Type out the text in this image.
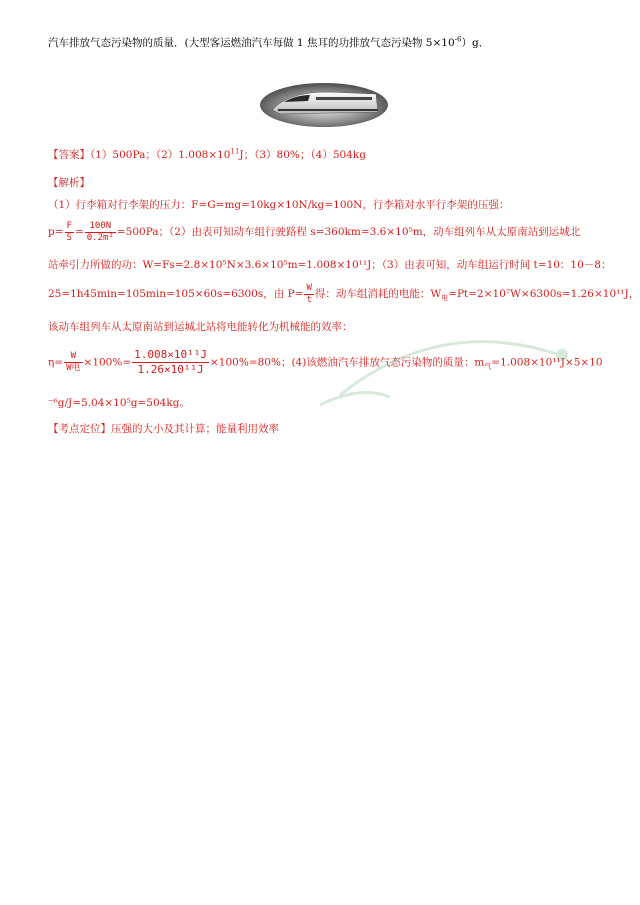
汽车排放气态污染物的质量．(大型客运燃油汽车每做 1 焦耳的功排放气态污染物 $5\times 10^{-6})g$．
【答案】（1）500Pa；$(2)1.008\times 10^{11}J$；（3）80%；（4）504kg
【解析】
（1）行李箱对行李架的压力：F=G=mg=10kg×10N/kg=100N，行李箱对水平行李架的压强：
$p= \frac{F}{S} = \frac{100N}{\text{0.2m²}} =500Pa$；（2）由表可知动车组行驶路程 s=360km=3.6×10⁵m，动车组列车从太原南站到运城北
站牵引力所做的功：W=Fs=2.8×10⁵N×3.6×10⁵m=1.008×10¹¹J；（3）由表可知，动车组运行时间 t=10：10－8：
25=1h45min=105min=105×60s=6300s，由 $P= \frac{W}{t}$ 得：动车组消耗的电能：$W_电=Pt=2\times 10^7W\times 6300s=1.26\times 10^{11}J$，
该动车组列车从太原南站到运城北站将电能转化为机械能的效率：
$\eta= \frac{W}{\text{W电}} \times 100\%= \frac{\text{1.008×10¹¹J}}{\text{1.26×10¹¹J}} \times 100\%=80\%$；(4)该燃油汽车排放气态污染物的质量：$m_气=1.008\times 10^{11}J\times 5\times 10$
⁻⁶g/J=5.04×10⁵g=504kg。
【考点定位】压强的大小及其计算；能量利用效率
